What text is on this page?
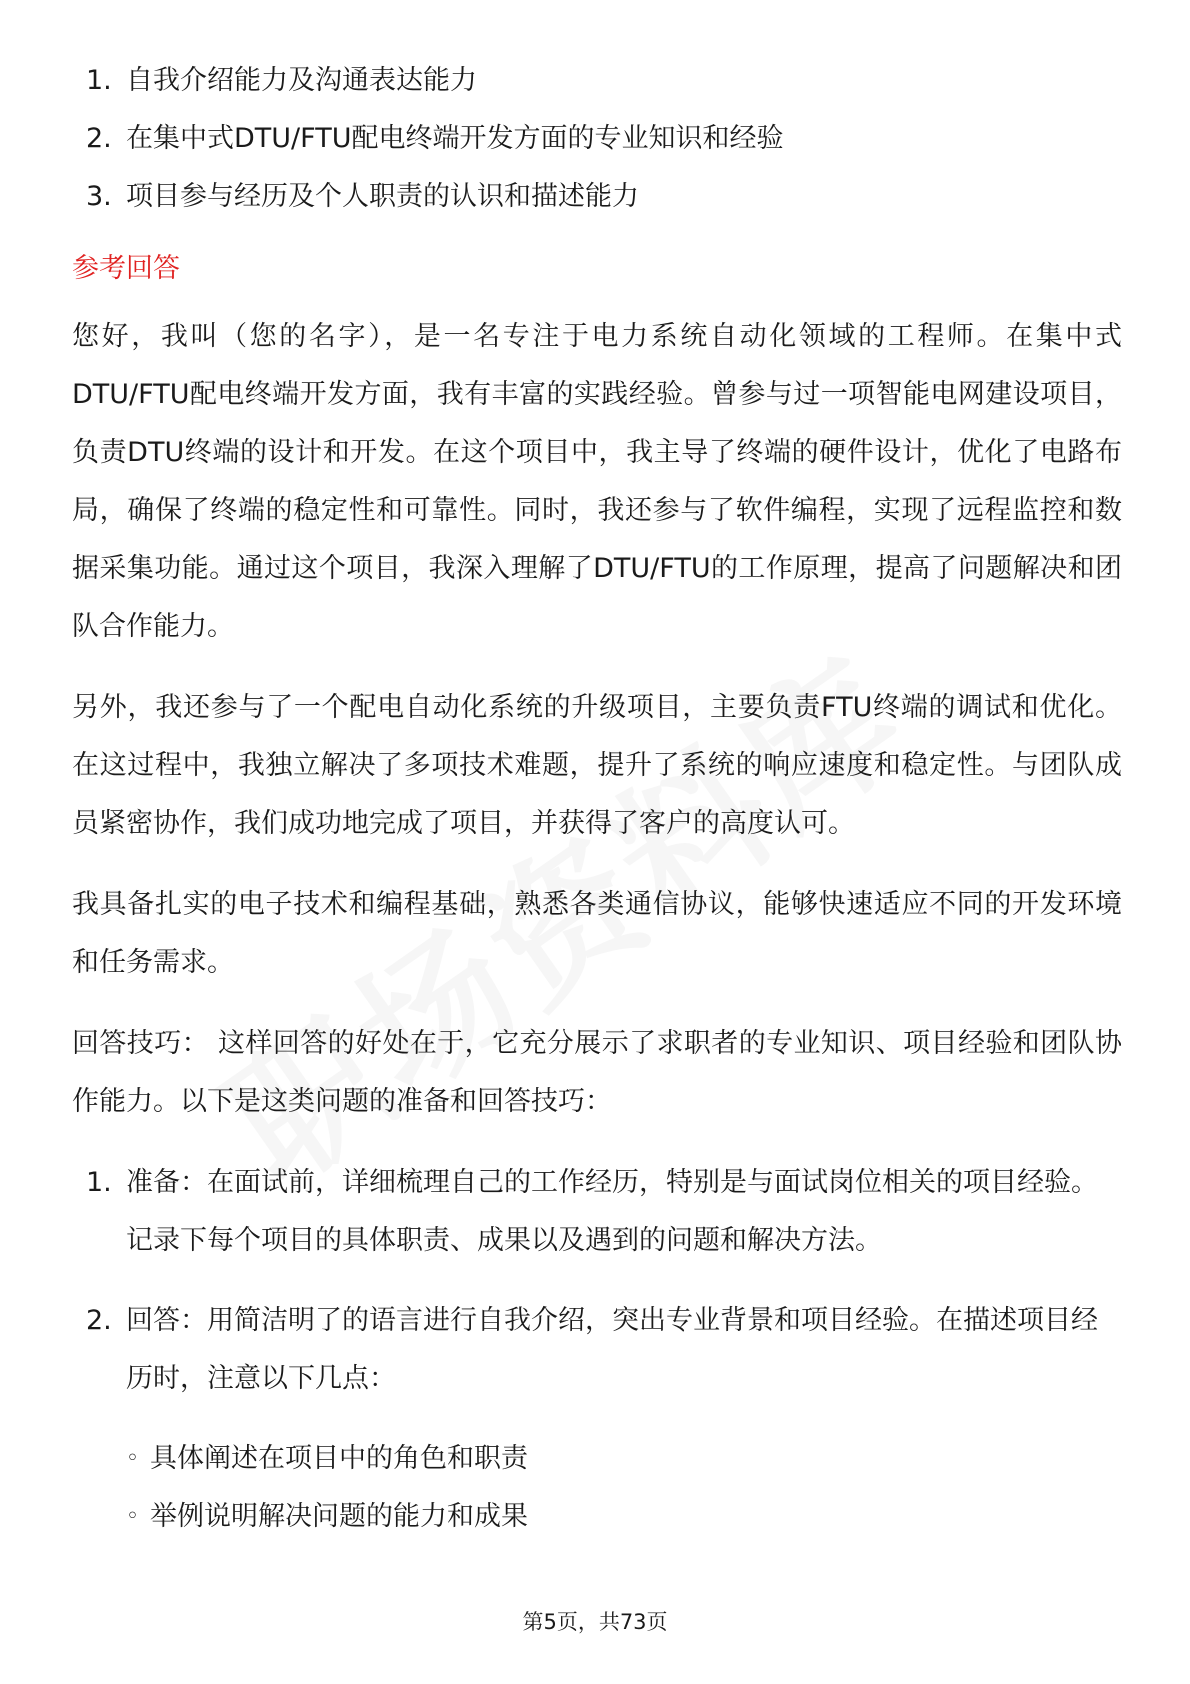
1. 自我介绍能力及沟通表达能力
2. 在集中式DTU/FTU配电终端开发方面的专业知识和经验
3. 项目参与经历及个人职责的认识和描述能力
参考回答

您好，我叫（您的名字），是一名专注于电力系统自动化领域的工程师。在集中式DTU/FTU配电终端开发方面，我有丰富的实践经验。曾参与过一项智能电网建设项目，负责DTU终端的设计和开发。在这个项目中，我主导了终端的硬件设计，优化了电路布局，确保了终端的稳定性和可靠性。同时，我还参与了软件编程，实现了远程监控和数据采集功能。通过这个项目，我深入理解了DTU/FTU的工作原理，提高了问题解决和团队合作能力。

另外，我还参与了一个配电自动化系统的升级项目，主要负责FTU终端的调试和优化。在这过程中，我独立解决了多项技术难题，提升了系统的响应速度和稳定性。与团队成员紧密协作，我们成功地完成了项目，并获得了客户的高度认可。

我具备扎实的电子技术和编程基础，熟悉各类通信协议，能够快速适应不同的开发环境和任务需求。

回答技巧： 这样回答的好处在于，它充分展示了求职者的专业知识、项目经验和团队协作能力。以下是这类问题的准备和回答技巧：

1. 准备：在面试前，详细梳理自己的工作经历，特别是与面试岗位相关的项目经验。记录下每个项目的具体职责、成果以及遇到的问题和解决方法。
2. 回答：用简洁明了的语言进行自我介绍，突出专业背景和项目经验。在描述项目经历时，注意以下几点：
◦ 具体阐述在项目中的角色和职责
◦ 举例说明解决问题的能力和成果
第5页，共73页
